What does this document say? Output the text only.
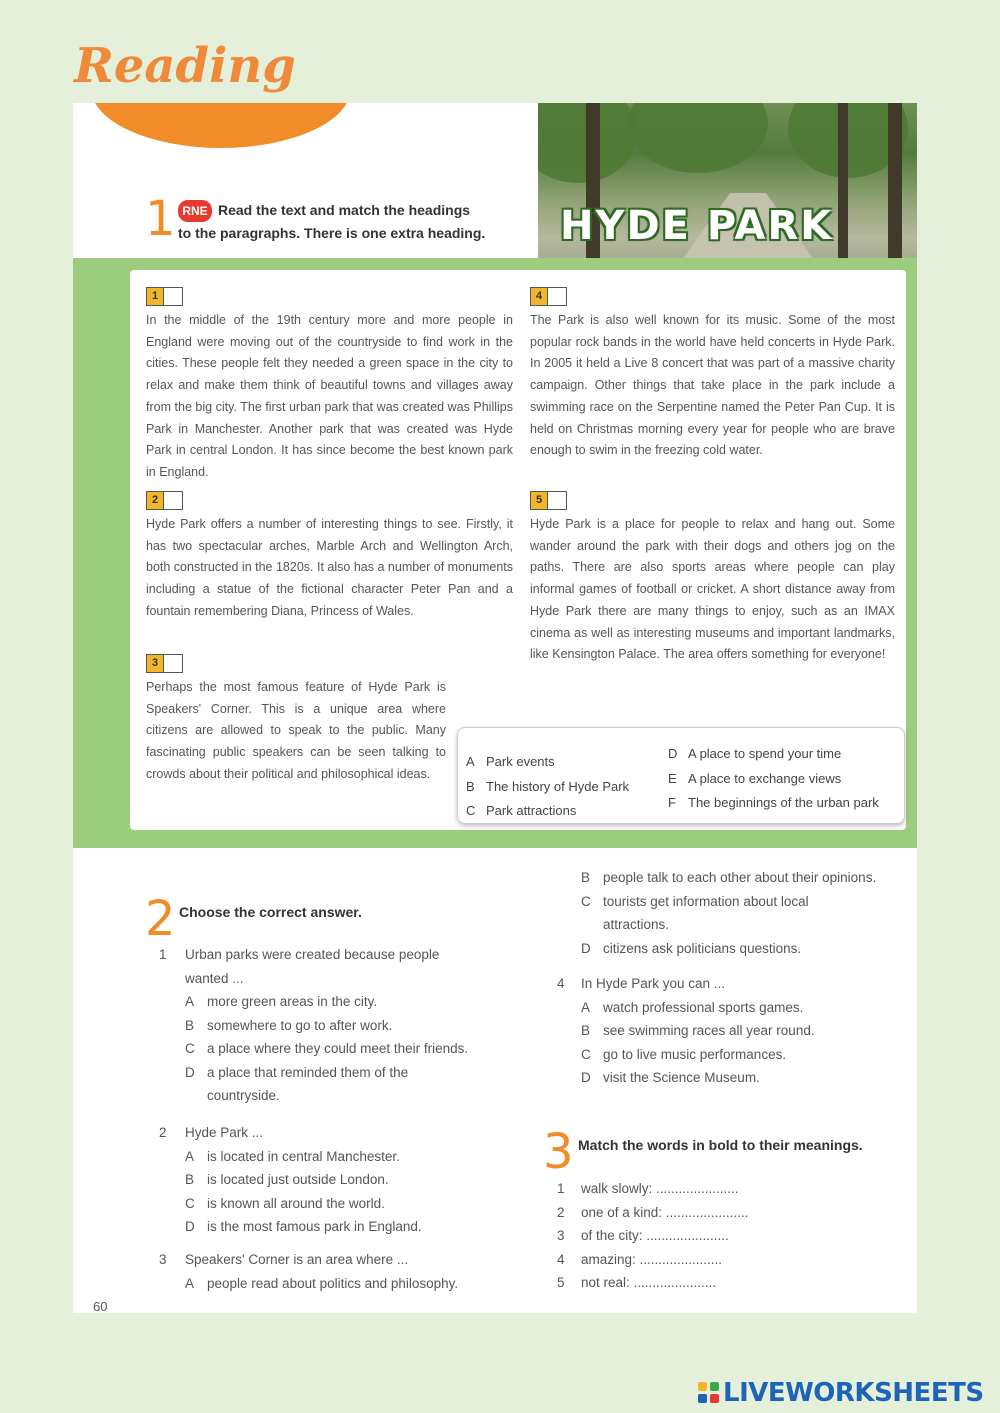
Reading
HYDE PARK
1 RNE Read the text and match the headings
to the paragraphs. There is one extra heading.
1
In the middle of the 19th century more and more people in England were moving out of the countryside to find work in the cities. These people felt they needed a green space in the city to relax and make them think of beautiful towns and villages away from the big city. The first urban park that was created was Phillips Park in Manchester. Another park that was created was Hyde Park in central London. It has since become the best known park in England.
2
Hyde Park offers a number of interesting things to see. Firstly, it has two spectacular arches, Marble Arch and Wellington Arch, both constructed in the 1820s. It also has a number of monuments including a statue of the fictional character Peter Pan and a fountain remembering Diana, Princess of Wales.
3
Perhaps the most famous feature of Hyde Park is Speakers' Corner. This is a unique area where citizens are allowed to speak to the public. Many fascinating public speakers can be seen talking to crowds about their political and philosophical ideas.
4
The Park is also well known for its music. Some of the most popular rock bands in the world have held concerts in Hyde Park. In 2005 it held a Live 8 concert that was part of a massive charity campaign. Other things that take place in the park include a swimming race on the Serpentine named the Peter Pan Cup. It is held on Christmas morning every year for people who are brave enough to swim in the freezing cold water.
5
Hyde Park is a place for people to relax and hang out. Some wander around the park with their dogs and others jog on the paths. There are also sports areas where people can play informal games of football or cricket. A short distance away from Hyde Park there are many things to enjoy, such as an IMAX cinema as well as interesting museums and important landmarks, like Kensington Palace. The area offers something for everyone!
A Park events
B The history of Hyde Park
C Park attractions
D A place to spend your time
E A place to exchange views
F The beginnings of the urban park
2 Choose the correct answer.
1 Urban parks were created because people
wanted ...
A more green areas in the city.
B somewhere to go to after work.
C a place where they could meet their friends.
D a place that reminded them of the
countryside.
2 Hyde Park ...
A is located in central Manchester.
B is located just outside London.
C is known all around the world.
D is the most famous park in England.
3 Speakers' Corner is an area where ...
A people read about politics and philosophy.
B people talk to each other about their opinions.
C tourists get information about local
attractions.
D citizens ask politicians questions.
4 In Hyde Park you can ...
A watch professional sports games.
B see swimming races all year round.
C go to live music performances.
D visit the Science Museum.
3 Match the words in bold to their meanings.
1 walk slowly: ......................
2 one of a kind: ......................
3 of the city: ......................
4 amazing: ......................
5 not real: ......................
60
LIVEWORKSHEETS
